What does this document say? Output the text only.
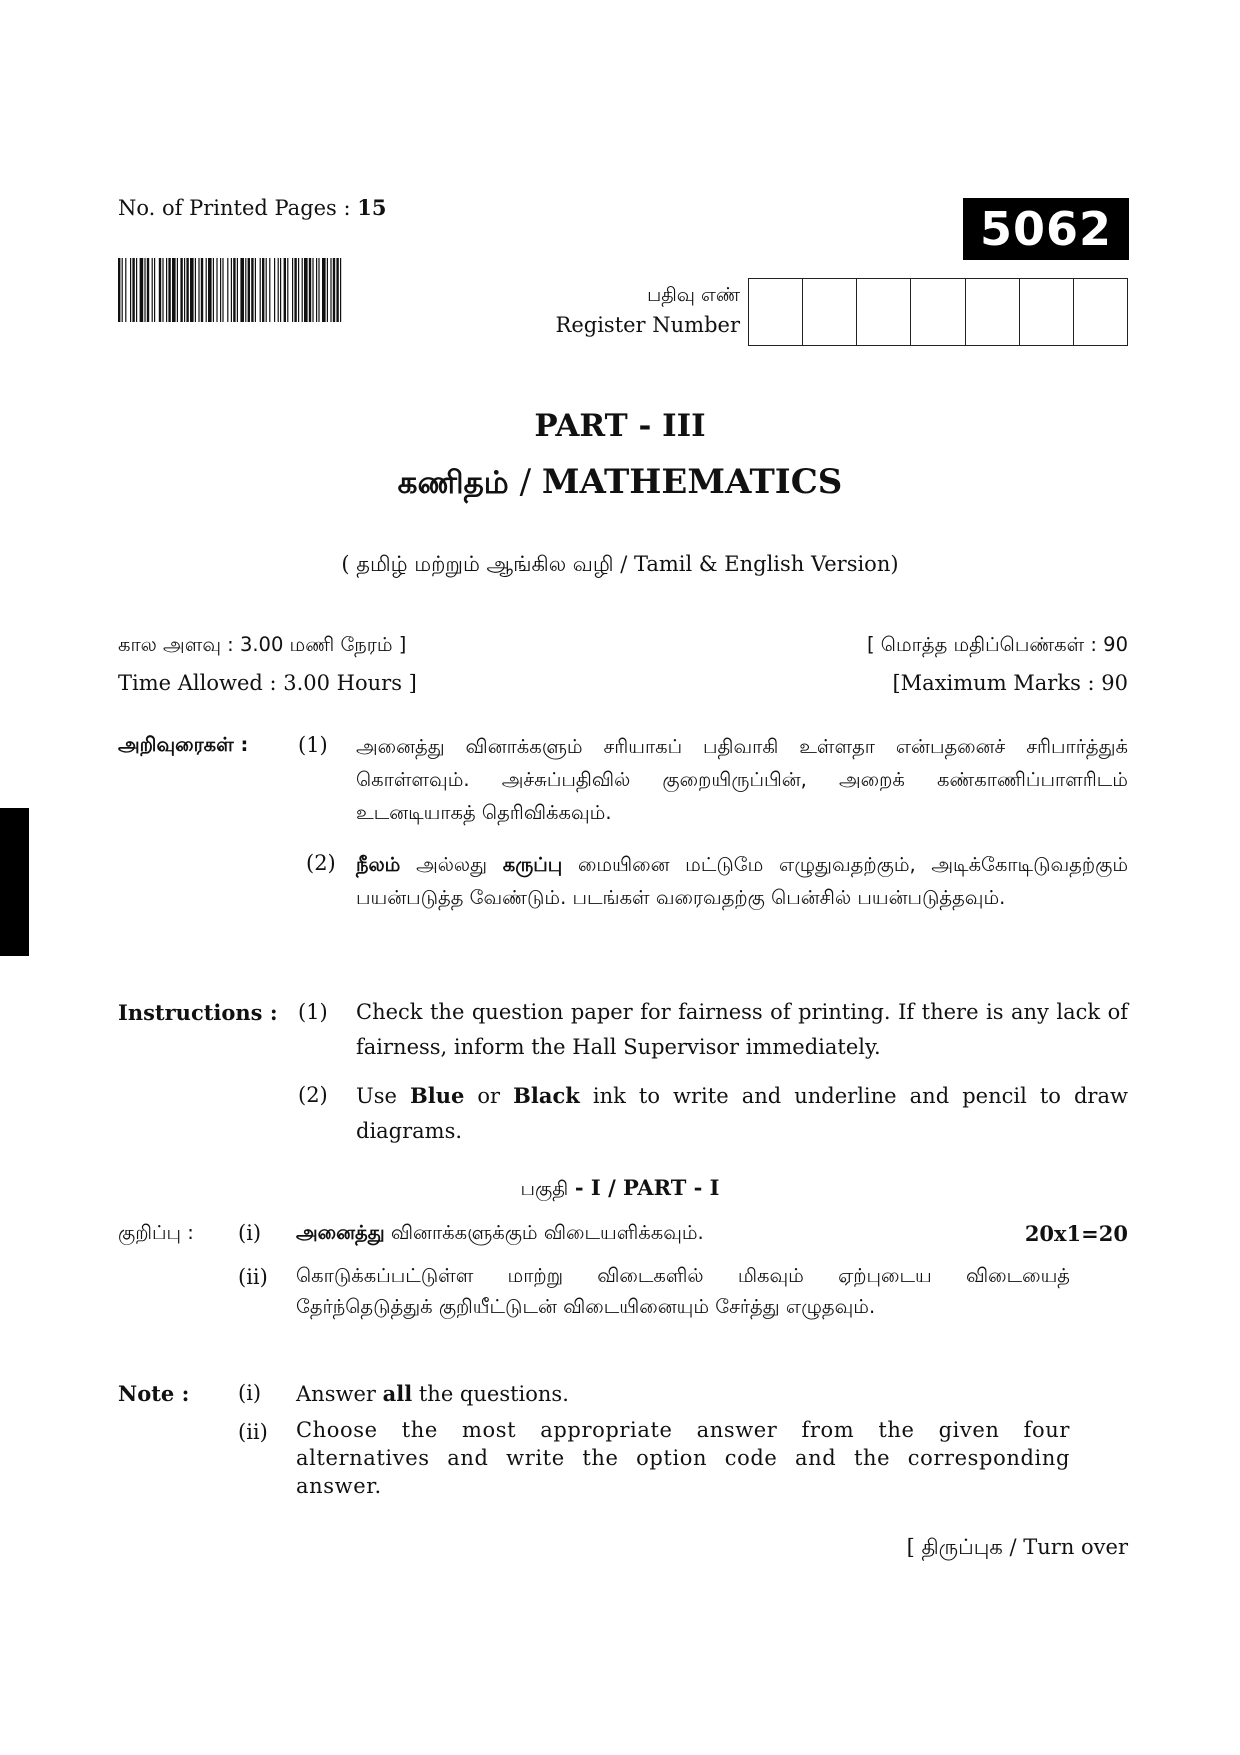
No. of Printed Pages : 15	5062
பதிவு எண்
Register Number
PART - III
கணிதம் / MATHEMATICS
( தமிழ் மற்றும் ஆங்கில வழி / Tamil & English Version)
கால அளவு : 3.00 மணி நேரம் ]
Time Allowed : 3.00 Hours ]
[ மொத்த மதிப்பெண்கள் : 90
[Maximum Marks : 90
அறிவுரைகள் : (1) அனைத்து வினாக்களும் சரியாகப் பதிவாகி உள்ளதா என்பதனைச் சரிபார்த்துக் கொள்ளவும். அச்சுப்பதிவில் குறையிருப்பின், அறைக் கண்காணிப்பாளரிடம் உடனடியாகத் தெரிவிக்கவும்.
(2) நீலம் அல்லது கருப்பு மையினை மட்டுமே எழுதுவதற்கும், அடிக்கோடிடுவதற்கும் பயன்படுத்த வேண்டும். படங்கள் வரைவதற்கு பென்சில் பயன்படுத்தவும்.
Instructions : (1) Check the question paper for fairness of printing. If there is any lack of fairness, inform the Hall Supervisor immediately.
(2) Use Blue or Black ink to write and underline and pencil to draw diagrams.
பகுதி - I / PART - I
குறிப்பு : (i) அனைத்து வினாக்களுக்கும் விடையளிக்கவும்.	20x1=20
(ii) கொடுக்கப்பட்டுள்ள மாற்று விடைகளில் மிகவும் ஏற்புடைய விடையைத் தேர்ந்தெடுத்துக் குறியீட்டுடன் விடையினையும் சேர்த்து எழுதவும்.
Note : (i) Answer all the questions.
(ii) Choose the most appropriate answer from the given four alternatives and write the option code and the corresponding answer.
[ திருப்புக / Turn over
